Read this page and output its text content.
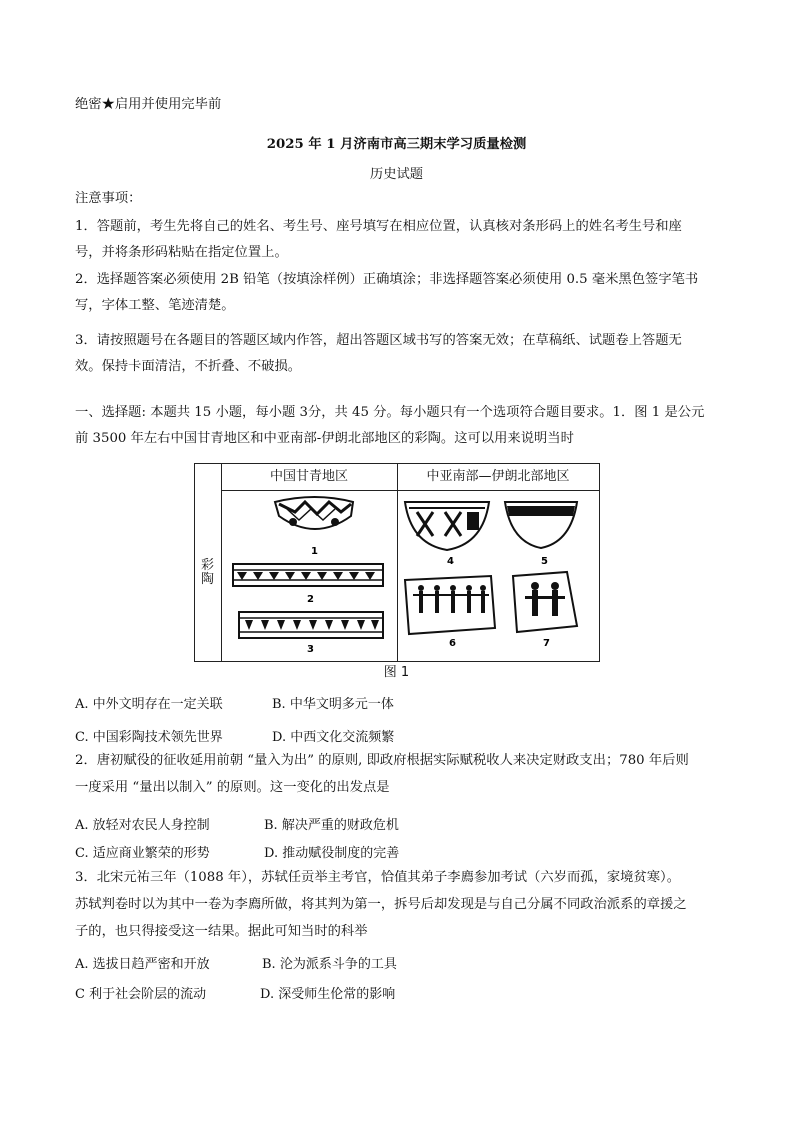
绝密★启用并使用完毕前
2025 年 1 月济南市高三期末学习质量检测
历史试题
注意事项：
1．答题前，考生先将自己的姓名、考生号、座号填写在相应位置，认真核对条形码上的姓名考生号和座
号，并将条形码粘贴在指定位置上。
2．选择题答案必须使用 2B 铅笔（按填涂样例）正确填涂；非选择题答案必须使用 0.5 毫米黑色签字笔书
写，字体工整、笔迹清楚。
3．请按照题号在各题目的答题区域内作答，超出答题区域书写的答案无效；在草稿纸、试题卷上答题无
效。保持卡面清洁，不折叠、不破损。
一、选择题: 本题共 15 小题，每小题 3分，共 45 分。每小题只有一个选项符合题目要求。1．图 1 是公元
前 3500 年左右中国甘青地区和中亚南部-伊朗北部地区的彩陶。这可以用来说明当时
中国甘青地区	中亚南部—伊朗北部地区
彩陶
1
2
3
4	5
6	7
图 1
A. 中外文明存在一定关联	B. 中华文明多元一体
C. 中国彩陶技术领先世界	D. 中西文化交流频繁
2．唐初赋役的征收延用前朝 “量入为出” 的原则, 即政府根据实际赋税收人来决定财政支出；780 年后则
一度采用 “量出以制入” 的原则。这一变化的出发点是
A. 放轻对农民人身控制	B. 解决严重的财政危机
C. 适应商业繁荣的形势	D. 推动赋役制度的完善
3．北宋元祐三年（1088 年），苏轼任贡举主考官，恰值其弟子李廌参加考试（六岁而孤，家境贫寒）。
苏轼判卷时以为其中一卷为李廌所做，将其判为第一，拆号后却发现是与自己分属不同政治派系的章援之
子的，也只得接受这一结果。据此可知当时的科举
A. 选拔日趋严密和开放	B. 沦为派系斗争的工具
C 利于社会阶层的流动	D. 深受师生伦常的影响
